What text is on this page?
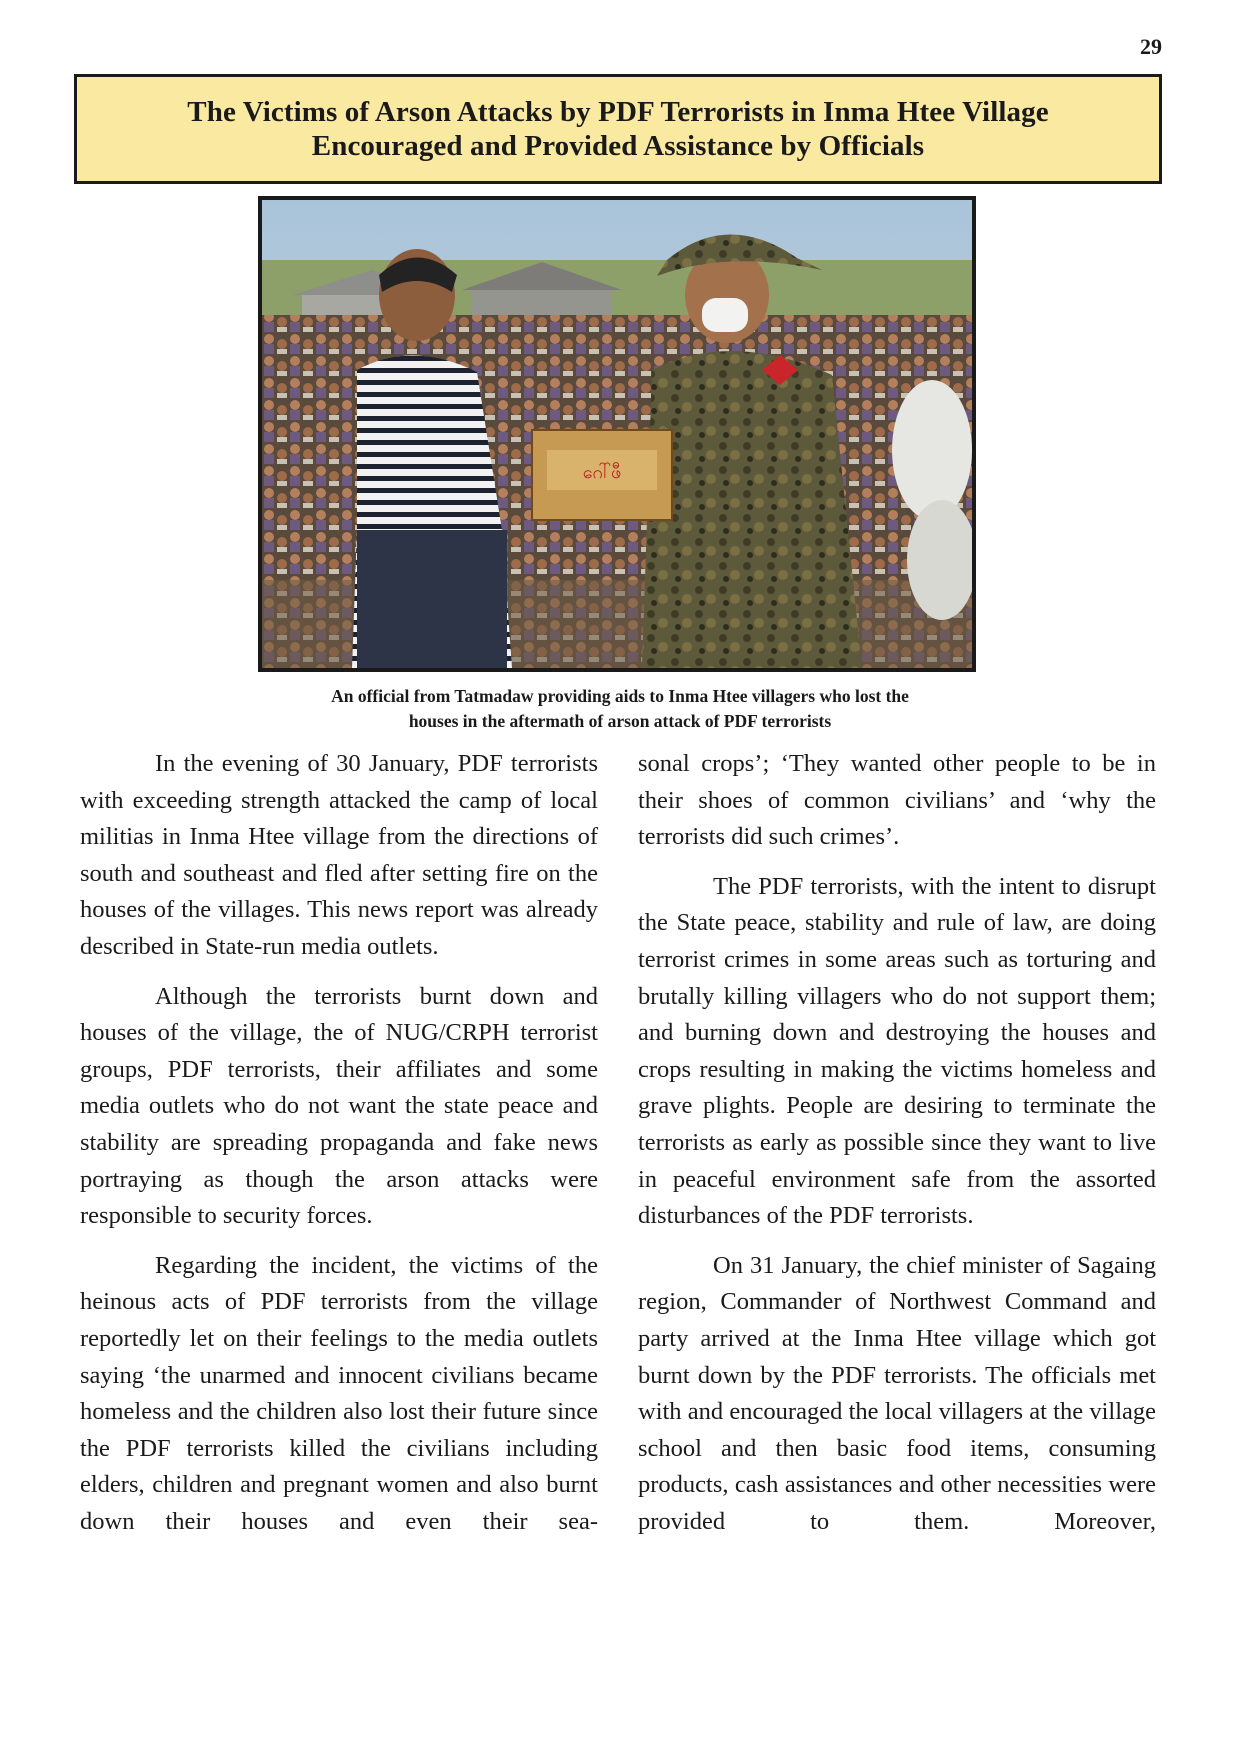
29
The Victims of Arson Attacks by PDF Terrorists in Inma Htee Village
Encouraged and Provided Assistance by Officials
ဂေါ်ဖီ
An official from Tatmadaw providing aids to Inma Htee villagers who lost the
houses in the aftermath of arson attack of PDF terrorists

In the evening of 30 January, PDF terrorists with exceeding strength attacked the camp of local militias in Inma Htee village from the directions of south and southeast and fled after setting fire on the houses of the villages. This news report was already described in State-run media outlets.

Although the terrorists burnt down and houses of the village, the of NUG/CRPH terrorist groups, PDF terrorists, their affiliates and some media outlets who do not want the state peace and stability are spreading propaganda and fake news portraying as though the arson attacks were responsible to security forces.

Regarding the incident, the victims of the heinous acts of PDF terrorists from the village reportedly let on their feelings to the media outlets saying ‘the unarmed and innocent civilians became homeless and the children also lost their future since the PDF terrorists killed the civilians including elders, children and pregnant women and also burnt down their houses and even their sea-

sonal crops’; ‘They wanted other people to be in their shoes of common civilians’ and ‘why the terrorists did such crimes’.

The PDF terrorists, with the intent to disrupt the State peace, stability and rule of law, are doing terrorist crimes in some areas such as torturing and brutally killing villagers who do not support them; and burning down and destroying the houses and crops resulting in making the victims homeless and grave plights. People are desiring to terminate the terrorists as early as possible since they want to live in peaceful environment safe from the assorted disturbances of the PDF terrorists.

On 31 January, the chief minister of Sagaing region, Commander of Northwest Command and party arrived at the Inma Htee village which got burnt down by the PDF terrorists. The officials met with and encouraged the local villagers at the village school and then basic food items, consuming products, cash assistances and other necessities were provided to them. Moreover,
